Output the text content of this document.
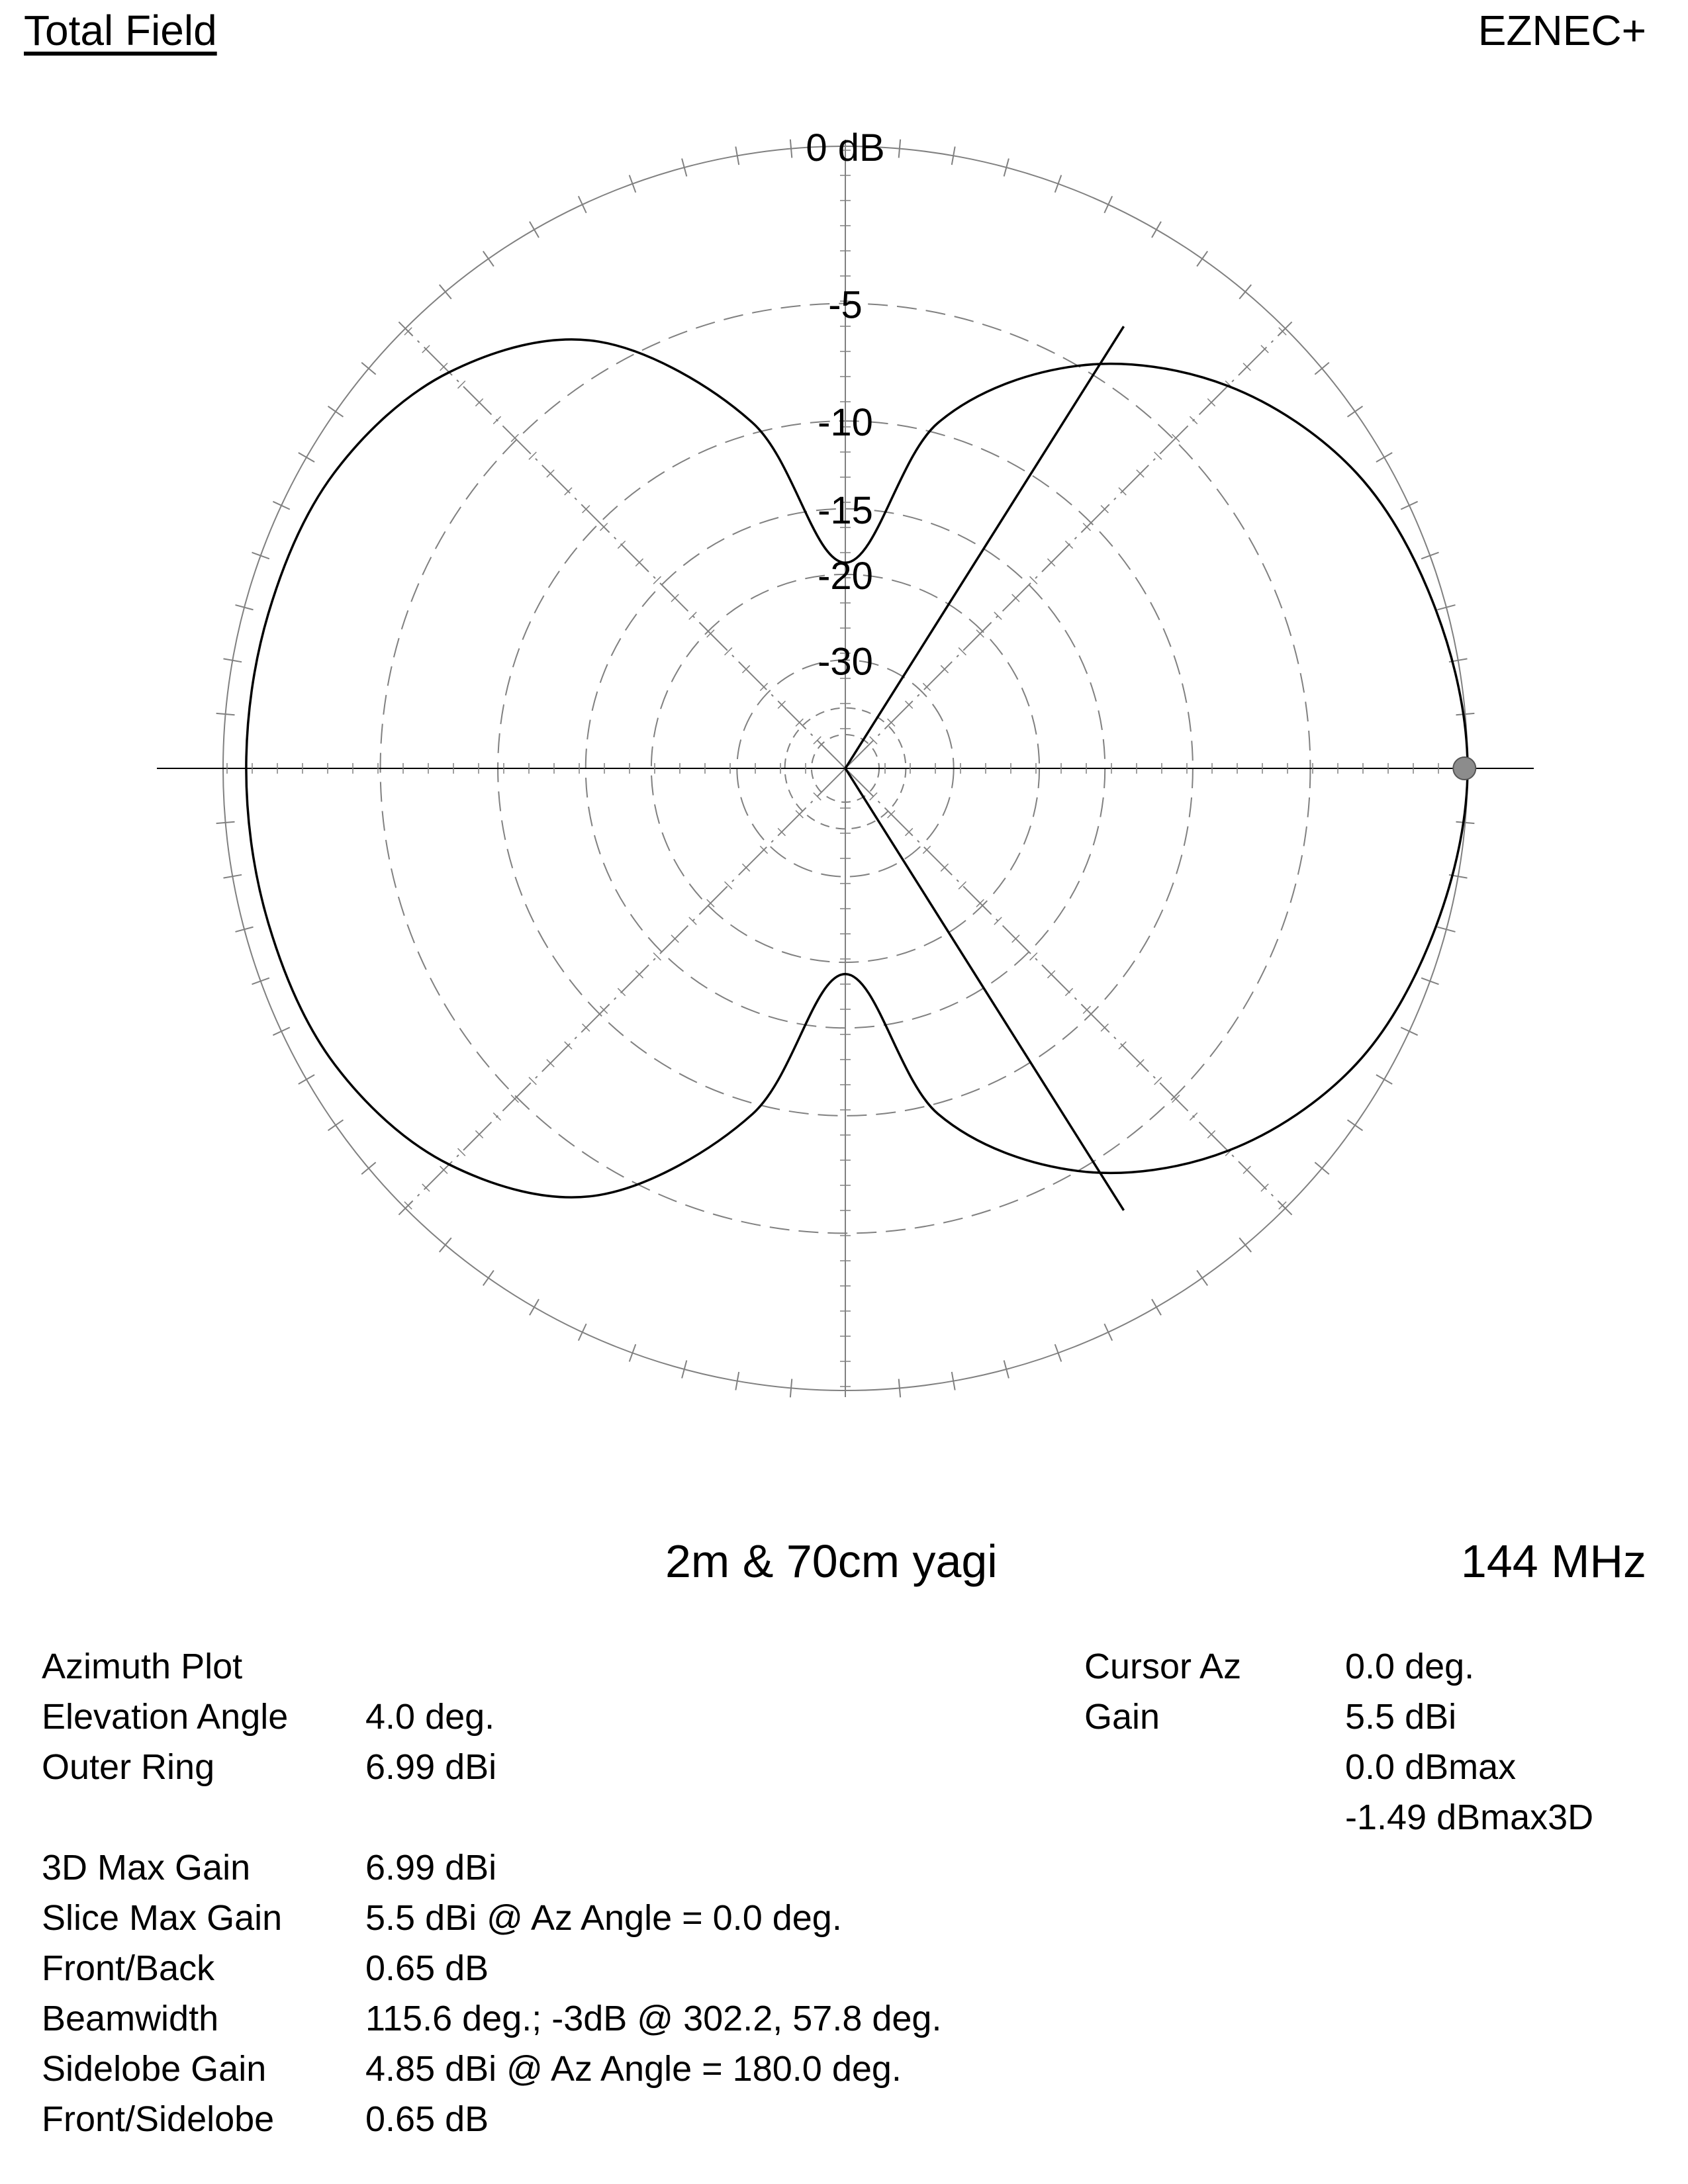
Total Field	EZNEC+
0 dB
-5
-10
-15
-20
-30
2m & 70cm yagi	144 MHz
Azimuth Plot
Elevation Angle
Outer Ring
3D Max Gain
Slice Max Gain
Front/Back
Beamwidth
Sidelobe Gain
Front/Sidelobe
4.0 deg.
6.99 dBi
6.99 dBi
5.5 dBi @ Az Angle = 0.0 deg.
0.65 dB
115.6 deg.; -3dB @ 302.2, 57.8 deg.
4.85 dBi @ Az Angle = 180.0 deg.
0.65 dB
Cursor Az
Gain
0.0 deg.
5.5 dBi
0.0 dBmax
-1.49 dBmax3D
